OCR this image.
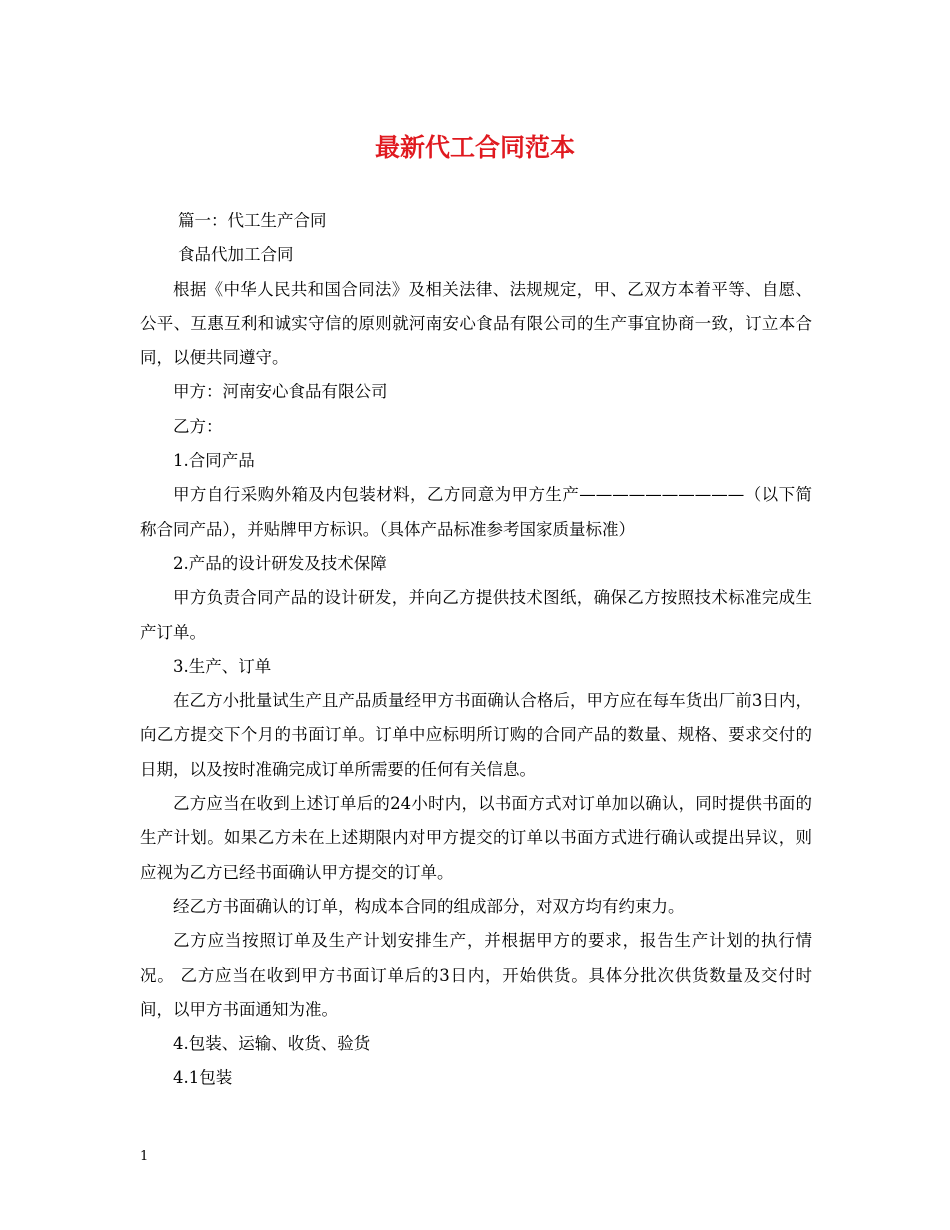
最新代工合同范本

篇一：代工生产合同

食品代加工合同

根据《中华人民共和国合同法》及相关法律、法规规定，甲、乙双方本着平等、自愿、公平、互惠互利和诚实守信的原则就河南安心食品有限公司的生产事宜协商一致，订立本合同，以便共同遵守。

甲方：河南安心食品有限公司

乙方：

1.合同产品

甲方自行采购外箱及内包装材料，乙方同意为甲方生产——————————（以下简称合同产品），并贴牌甲方标识。（具体产品标准参考国家质量标准）

2.产品的设计研发及技术保障

甲方负责合同产品的设计研发，并向乙方提供技术图纸，确保乙方按照技术标准完成生产订单。

3.生产、订单

在乙方小批量试生产且产品质量经甲方书面确认合格后，甲方应在每车货出厂前3日内，向乙方提交下个月的书面订单。订单中应标明所订购的合同产品的数量、规格、要求交付的日期，以及按时准确完成订单所需要的任何有关信息。

乙方应当在收到上述订单后的24小时内，以书面方式对订单加以确认，同时提供书面的生产计划。如果乙方未在上述期限内对甲方提交的订单以书面方式进行确认或提出异议，则应视为乙方已经书面确认甲方提交的订单。

经乙方书面确认的订单，构成本合同的组成部分，对双方均有约束力。

乙方应当按照订单及生产计划安排生产，并根据甲方的要求，报告生产计划的执行情况。 乙方应当在收到甲方书面订单后的3日内，开始供货。具体分批次供货数量及交付时间，以甲方书面通知为准。

4.包装、运输、收货、验货

4.1包装

1
